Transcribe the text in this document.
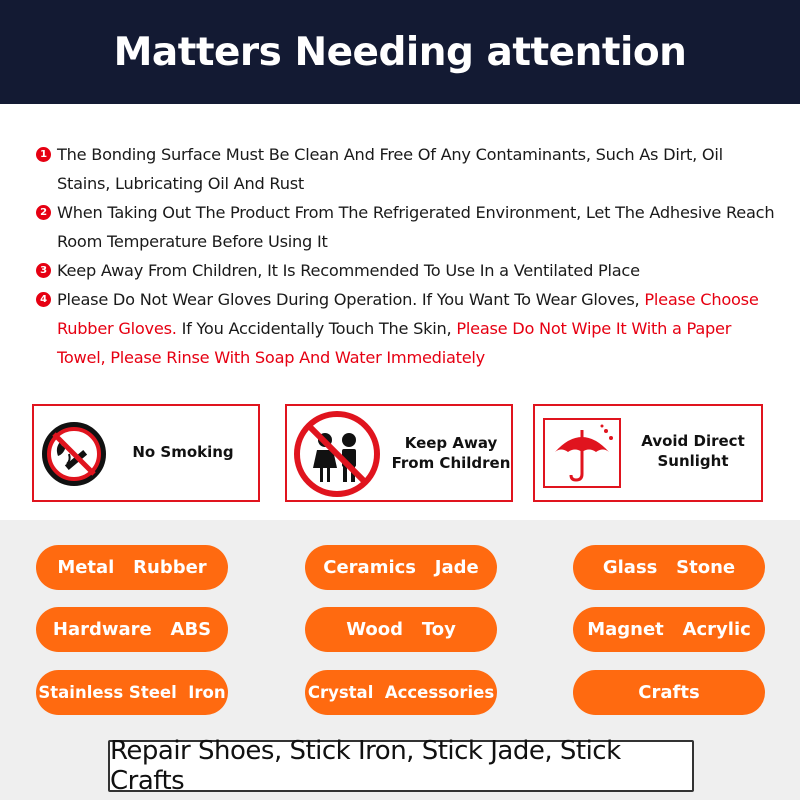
Matters Needing attention
1 The Bonding Surface Must Be Clean And Free Of Any Contaminants, Such As Dirt, Oil Stains, Lubricating Oil And Rust
2 When Taking Out The Product From The Refrigerated Environment, Let The Adhesive Reach Room Temperature Before Using It
3 Keep Away From Children, It Is Recommended To Use In a Ventilated Place
4 Please Do Not Wear Gloves During Operation. If You Want To Wear Gloves, Please Choose Rubber Gloves. If You Accidentally Touch The Skin, Please Do Not Wipe It With a Paper Towel, Please Rinse With Soap And Water Immediately
No Smoking	Keep Away
From Children
Avoid Direct
Sunlight
Metal   Rubber	Ceramics   Jade	Glass   Stone
Hardware   ABS	Wood   Toy	Magnet   Acrylic
Stainless Steel  Iron	Crystal  Accessories	Crafts
Repair Shoes, Stick Iron, Stick Jade, Stick Crafts
